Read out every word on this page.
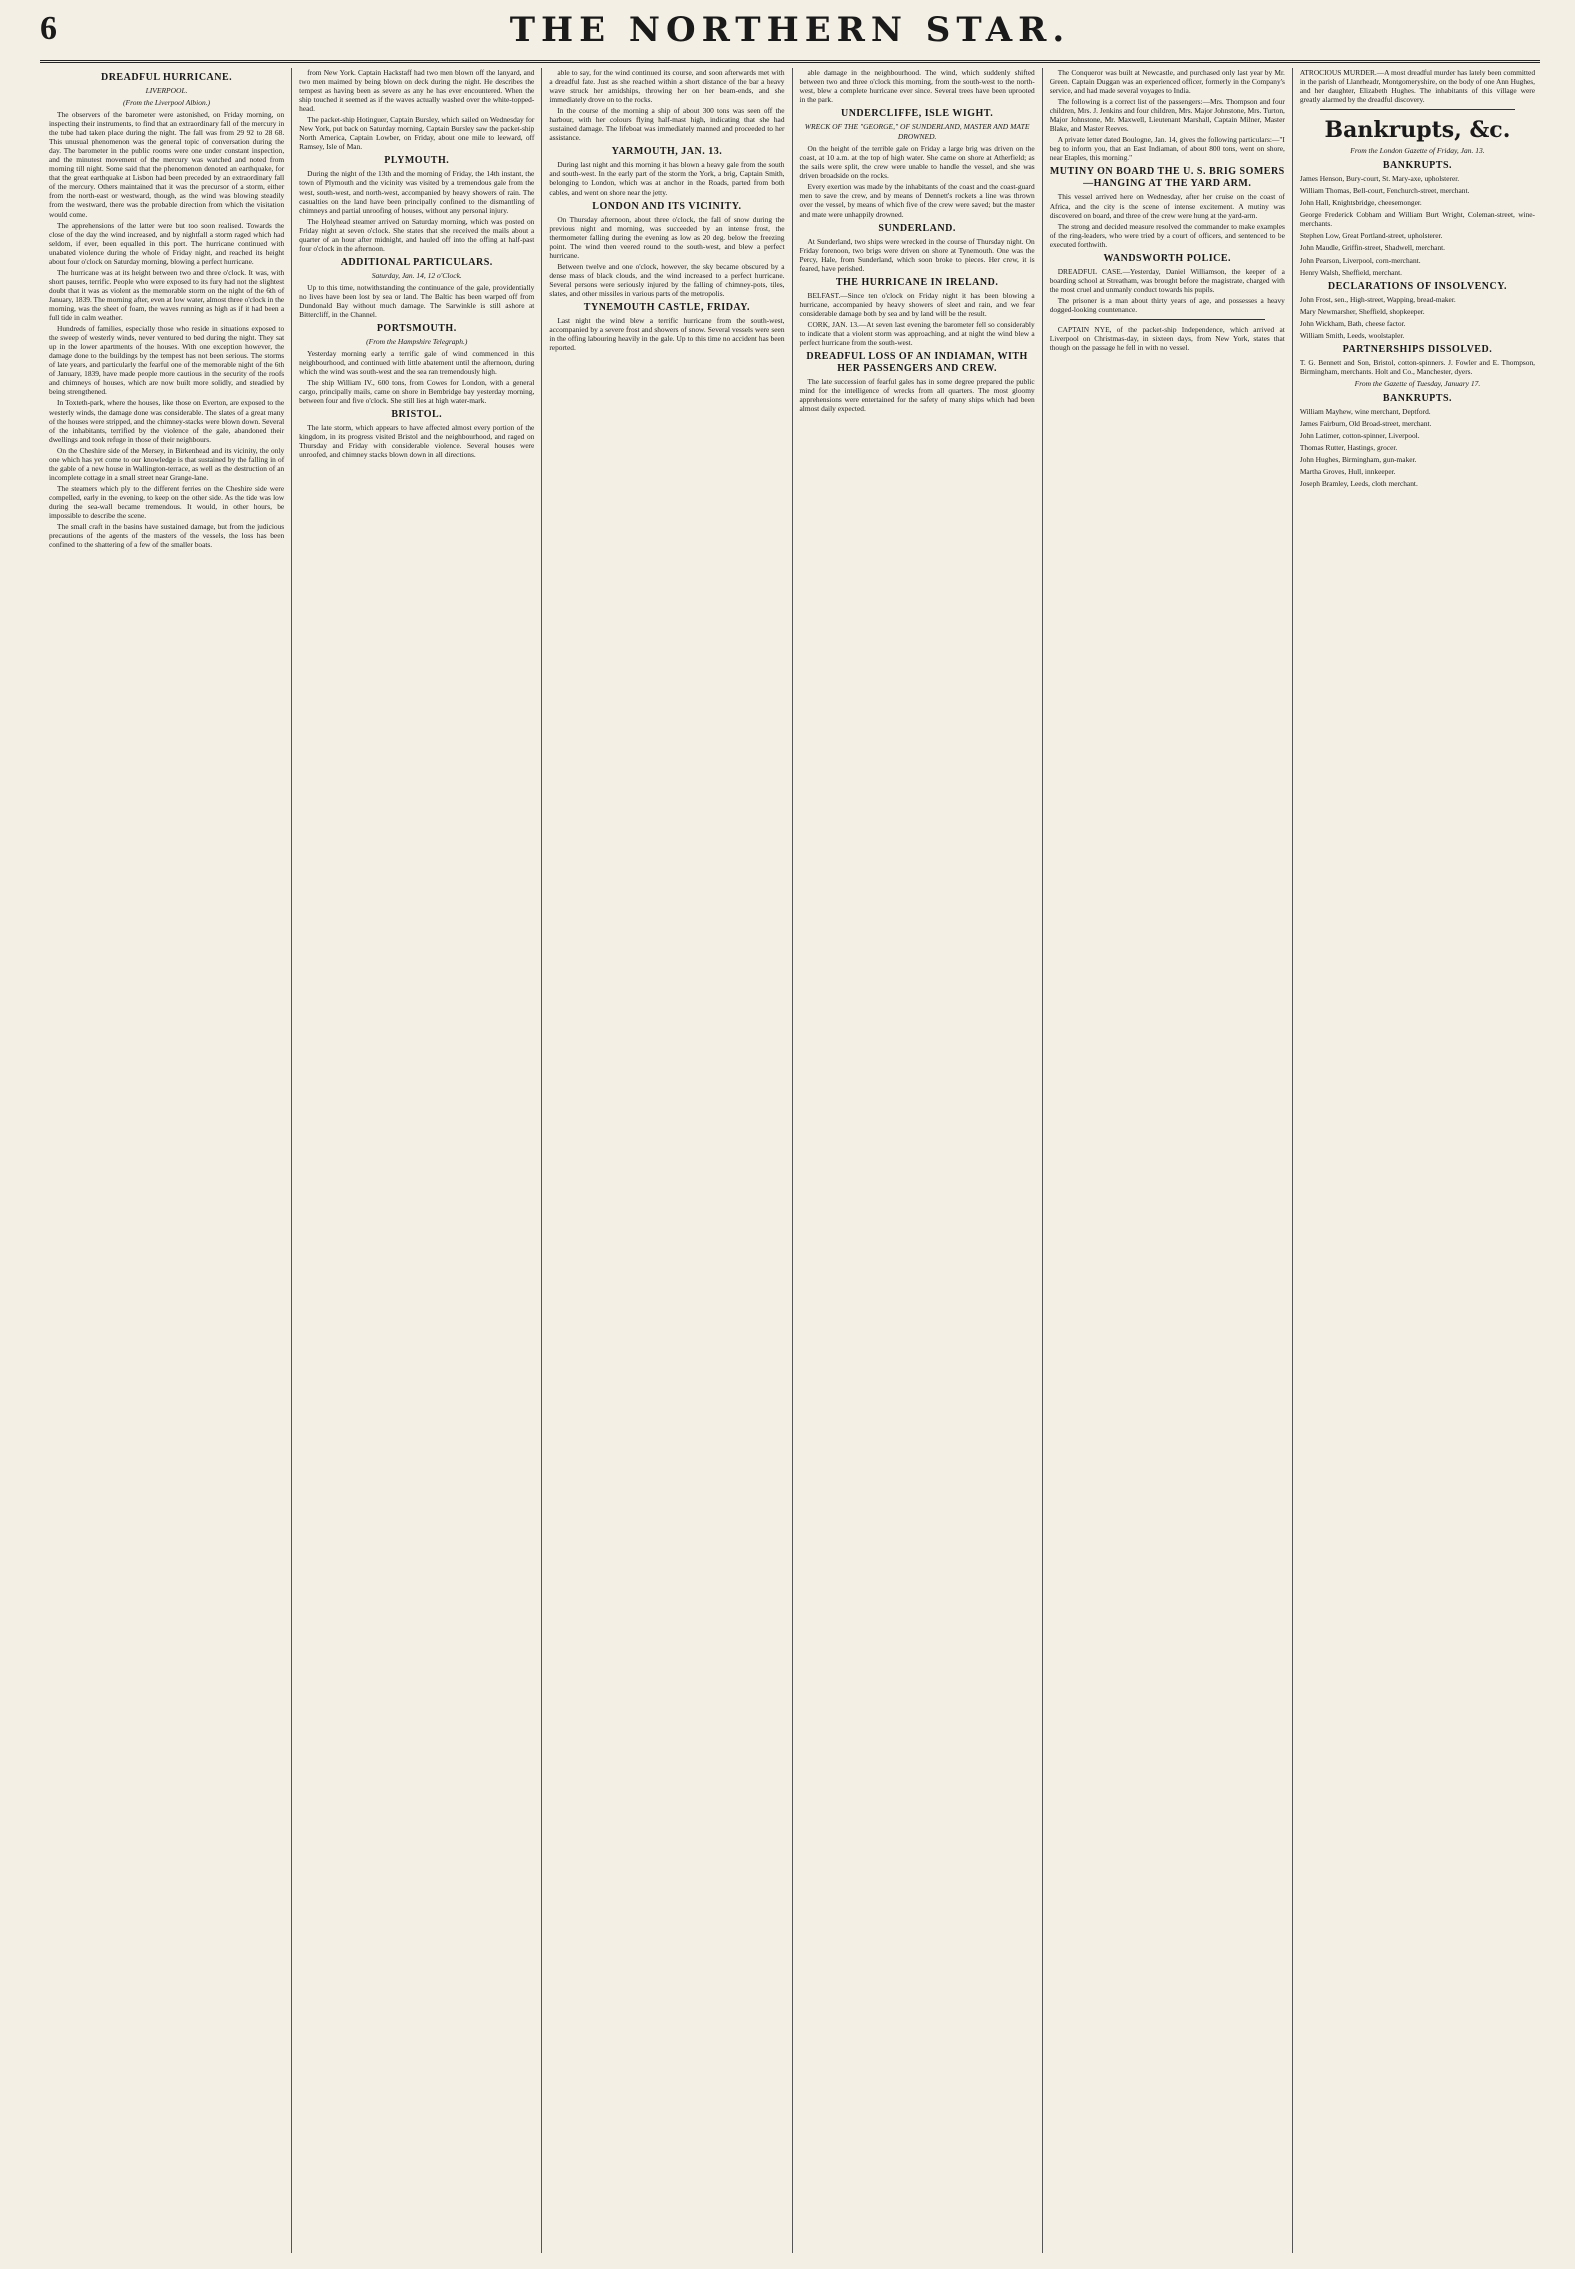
6	THE NORTHERN STAR.
DREADFUL HURRICANE.
LIVERPOOL.
(From the Liverpool Albion.)

The observers of the barometer were astonished, on Friday morning, on inspecting their instruments, to find that an extraordinary fall of the mercury in the tube had taken place during the night. The fall was from 29 92 to 28 68. This unusual phenomenon was the general topic of conversation during the day. The barometer in the public rooms were one under constant inspection, and the minutest movement of the mercury was watched and noted from morning till night. Some said that the phenomenon denoted an earthquake, for that the great earthquake at Lisbon had been preceded by an extraordinary fall of the mercury. Others maintained that it was the precursor of a storm, either from the north-east or westward, though, as the wind was blowing steadily from the westward, there was the probable direction from which the visitation would come.

The apprehensions of the latter were but too soon realised. Towards the close of the day the wind increased, and by nightfall a storm raged which had seldom, if ever, been equalled in this port. The hurricane continued with unabated violence during the whole of Friday night, and reached its height about four o'clock on Saturday morning, blowing a perfect hurricane.

The hurricane was at its height between two and three o'clock. It was, with short pauses, terrific. People who were exposed to its fury had not the slightest doubt that it was as violent as the memorable storm on the night of the 6th of January, 1839. The morning after, even at low water, almost three o'clock in the morning, was the sheet of foam, the waves running as high as if it had been a full tide in calm weather.

Hundreds of families, especially those who reside in situations exposed to the sweep of westerly winds, never ventured to bed during the night. They sat up in the lower apartments of the houses. With one exception however, the damage done to the buildings by the tempest has not been serious. The storms of late years, and particularly the fearful one of the memorable night of the 6th of January, 1839, have made people more cautious in the security of the roofs and chimneys of houses, which are now built more solidly, and steadied by being strengthened.

In Toxteth-park, where the houses, like those on Everton, are exposed to the westerly winds, the damage done was considerable. The slates of a great many of the houses were stripped, and the chimney-stacks were blown down. Several of the inhabitants, terrified by the violence of the gale, abandoned their dwellings and took refuge in those of their neighbours.

On the Cheshire side of the Mersey, in Birkenhead and its vicinity, the only one which has yet come to our knowledge is that sustained by the falling in of the gable of a new house in Wallington-terrace, as well as the destruction of an incomplete cottage in a small street near Grange-lane.

The steamers which ply to the different ferries on the Cheshire side were compelled, early in the evening, to keep on the other side. As the tide was low during the sea-wall became tremendous. It would, in other hours, be impossible to describe the scene.

The small craft in the basins have sustained damage, but from the judicious precautions of the agents of the masters of the vessels, the loss has been confined to the shattering of a few of the smaller boats.

from New York. Captain Hackstaff had two men blown off the lanyard, and two men maimed by being blown on deck during the night. He describes the tempest as having been as severe as any he has ever encountered. When the ship touched it seemed as if the waves actually washed over the white-topped-head.

The packet-ship Hotinguer, Captain Bursley, which sailed on Wednesday for New York, put back on Saturday morning. Captain Bursley saw the packet-ship North America, Captain Lowber, on Friday, about one mile to leeward, off Ramsey, Isle of Man.

PLYMOUTH.

During the night of the 13th and the morning of Friday, the 14th instant, the town of Plymouth and the vicinity was visited by a tremendous gale from the west, south-west, and north-west, accompanied by heavy showers of rain. The casualties on the land have been principally confined to the dismantling of chimneys and partial unroofing of houses, without any personal injury.

The Holyhead steamer arrived on Saturday morning, which was posted on Friday night at seven o'clock. She states that she received the mails about a quarter of an hour after midnight, and hauled off into the offing at half-past four o'clock in the afternoon.

ADDITIONAL PARTICULARS.
Saturday, Jan. 14, 12 o'Clock.

Up to this time, notwithstanding the continuance of the gale, providentially no lives have been lost by sea or land. The Baltic has been warped off from Dundonald Bay without much damage. The Sarwinkle is still ashore at Bittercliff, in the Channel.

PORTSMOUTH.
(From the Hampshire Telegraph.)

Yesterday morning early a terrific gale of wind commenced in this neighbourhood, and continued with little abatement until the afternoon, during which the wind was south-west and the sea ran tremendously high.

The ship William IV., 600 tons, from Cowes for London, with a general cargo, principally mails, came on shore in Bembridge bay yesterday morning, between four and five o'clock. She still lies at high water-mark.

BRISTOL.

The late storm, which appears to have affected almost every portion of the kingdom, in its progress visited Bristol and the neighbourhood, and raged on Thursday and Friday with considerable violence. Several houses were unroofed, and chimney stacks blown down in all directions.

able to say, for the wind continued its course, and soon afterwards met with a dreadful fate. Just as she reached within a short distance of the bar a heavy wave struck her amidships, throwing her on her beam-ends, and she immediately drove on to the rocks.

In the course of the morning a ship of about 300 tons was seen off the harbour, with her colours flying half-mast high, indicating that she had sustained damage. The lifeboat was immediately manned and proceeded to her assistance.

YARMOUTH, JAN. 13.

During last night and this morning it has blown a heavy gale from the south and south-west. In the early part of the storm the York, a brig, Captain Smith, belonging to London, which was at anchor in the Roads, parted from both cables, and went on shore near the jetty.

LONDON AND ITS VICINITY.

On Thursday afternoon, about three o'clock, the fall of snow during the previous night and morning, was succeeded by an intense frost, the thermometer falling during the evening as low as 20 deg. below the freezing point. The wind then veered round to the south-west, and blew a perfect hurricane.

Between twelve and one o'clock, however, the sky became obscured by a dense mass of black clouds, and the wind increased to a perfect hurricane. Several persons were seriously injured by the falling of chimney-pots, tiles, slates, and other missiles in various parts of the metropolis.

TYNEMOUTH CASTLE, FRIDAY.

Last night the wind blew a terrific hurricane from the south-west, accompanied by a severe frost and showers of snow. Several vessels were seen in the offing labouring heavily in the gale. Up to this time no accident has been reported.

able damage in the neighbourhood. The wind, which suddenly shifted between two and three o'clock this morning, from the south-west to the north-west, blew a complete hurricane ever since. Several trees have been uprooted in the park.

UNDERCLIFFE, ISLE WIGHT.
WRECK OF THE "GEORGE," OF SUNDERLAND, MASTER AND MATE DROWNED.

On the height of the terrible gale on Friday a large brig was driven on the coast, at 10 a.m. at the top of high water. She came on shore at Atherfield; as the sails were split, the crew were unable to handle the vessel, and she was driven broadside on the rocks.

Every exertion was made by the inhabitants of the coast and the coast-guard men to save the crew, and by means of Dennett's rockets a line was thrown over the vessel, by means of which five of the crew were saved; but the master and mate were unhappily drowned.

SUNDERLAND.

At Sunderland, two ships were wrecked in the course of Thursday night. On Friday forenoon, two brigs were driven on shore at Tynemouth. One was the Percy, Hale, from Sunderland, which soon broke to pieces. Her crew, it is feared, have perished.

THE HURRICANE IN IRELAND.

BELFAST.—Since ten o'clock on Friday night it has been blowing a hurricane, accompanied by heavy showers of sleet and rain, and we fear considerable damage both by sea and by land will be the result.

CORK, JAN. 13.—At seven last evening the barometer fell so considerably to indicate that a violent storm was approaching, and at night the wind blew a perfect hurricane from the south-west.

DREADFUL LOSS OF AN INDIAMAN, WITH HER PASSENGERS AND CREW.

The late succession of fearful gales has in some degree prepared the public mind for the intelligence of wrecks from all quarters. The most gloomy apprehensions were entertained for the safety of many ships which had been almost daily expected.

The Conqueror was built at Newcastle, and purchased only last year by Mr. Green. Captain Duggan was an experienced officer, formerly in the Company's service, and had made several voyages to India.

The following is a correct list of the passengers:—Mrs. Thompson and four children, Mrs. J. Jenkins and four children, Mrs. Major Johnstone, Mrs. Turton, Major Johnstone, Mr. Maxwell, Lieutenant Marshall, Captain Milner, Master Blake, and Master Reeves.

A private letter dated Boulogne, Jan. 14, gives the following particulars:—"I beg to inform you, that an East Indiaman, of about 800 tons, went on shore, near Etaples, this morning."

MUTINY ON BOARD THE U. S. BRIG SOMERS—HANGING AT THE YARD ARM.

This vessel arrived here on Wednesday, after her cruise on the coast of Africa, and the city is the scene of intense excitement. A mutiny was discovered on board, and three of the crew were hung at the yard-arm.

The strong and decided measure resolved the commander to make examples of the ring-leaders, who were tried by a court of officers, and sentenced to be executed forthwith.

WANDSWORTH POLICE.

DREADFUL CASE.—Yesterday, Daniel Williamson, the keeper of a boarding school at Streatham, was brought before the magistrate, charged with the most cruel and unmanly conduct towards his pupils.

The prisoner is a man about thirty years of age, and possesses a heavy dogged-looking countenance.

CAPTAIN NYE, of the packet-ship Independence, which arrived at Liverpool on Christmas-day, in sixteen days, from New York, states that though on the passage he fell in with no vessel.

ATROCIOUS MURDER.—A most dreadful murder has lately been committed in the parish of Llanrheadr, Montgomeryshire, on the body of one Ann Hughes, and her daughter, Elizabeth Hughes. The inhabitants of this village were greatly alarmed by the dreadful discovery.

Bankrupts, &c.
From the London Gazette of Friday, Jan. 13.
BANKRUPTS.

James Henson, Bury-court, St. Mary-axe, upholsterer.

William Thomas, Bell-court, Fenchurch-street, merchant.

John Hall, Knightsbridge, cheesemonger.

George Frederick Cobham and William Burt Wright, Coleman-street, wine-merchants.

Stephen Low, Great Portland-street, upholsterer.

John Maudle, Griffin-street, Shadwell, merchant.

John Pearson, Liverpool, corn-merchant.

Henry Walsh, Sheffield, merchant.

DECLARATIONS OF INSOLVENCY.

John Frost, sen., High-street, Wapping, bread-maker.

Mary Newmarsher, Sheffield, shopkeeper.

John Wickham, Bath, cheese factor.

William Smith, Leeds, woolstapler.

PARTNERSHIPS DISSOLVED.

T. G. Bennett and Son, Bristol, cotton-spinners. J. Fowler and E. Thompson, Birmingham, merchants. Holt and Co., Manchester, dyers.

From the Gazette of Tuesday, January 17.
BANKRUPTS.

William Mayhew, wine merchant, Deptford.

James Fairburn, Old Broad-street, merchant.

John Latimer, cotton-spinner, Liverpool.

Thomas Rutter, Hastings, grocer.

John Hughes, Birmingham, gun-maker.

Martha Groves, Hull, innkeeper.

Joseph Bramley, Leeds, cloth merchant.
